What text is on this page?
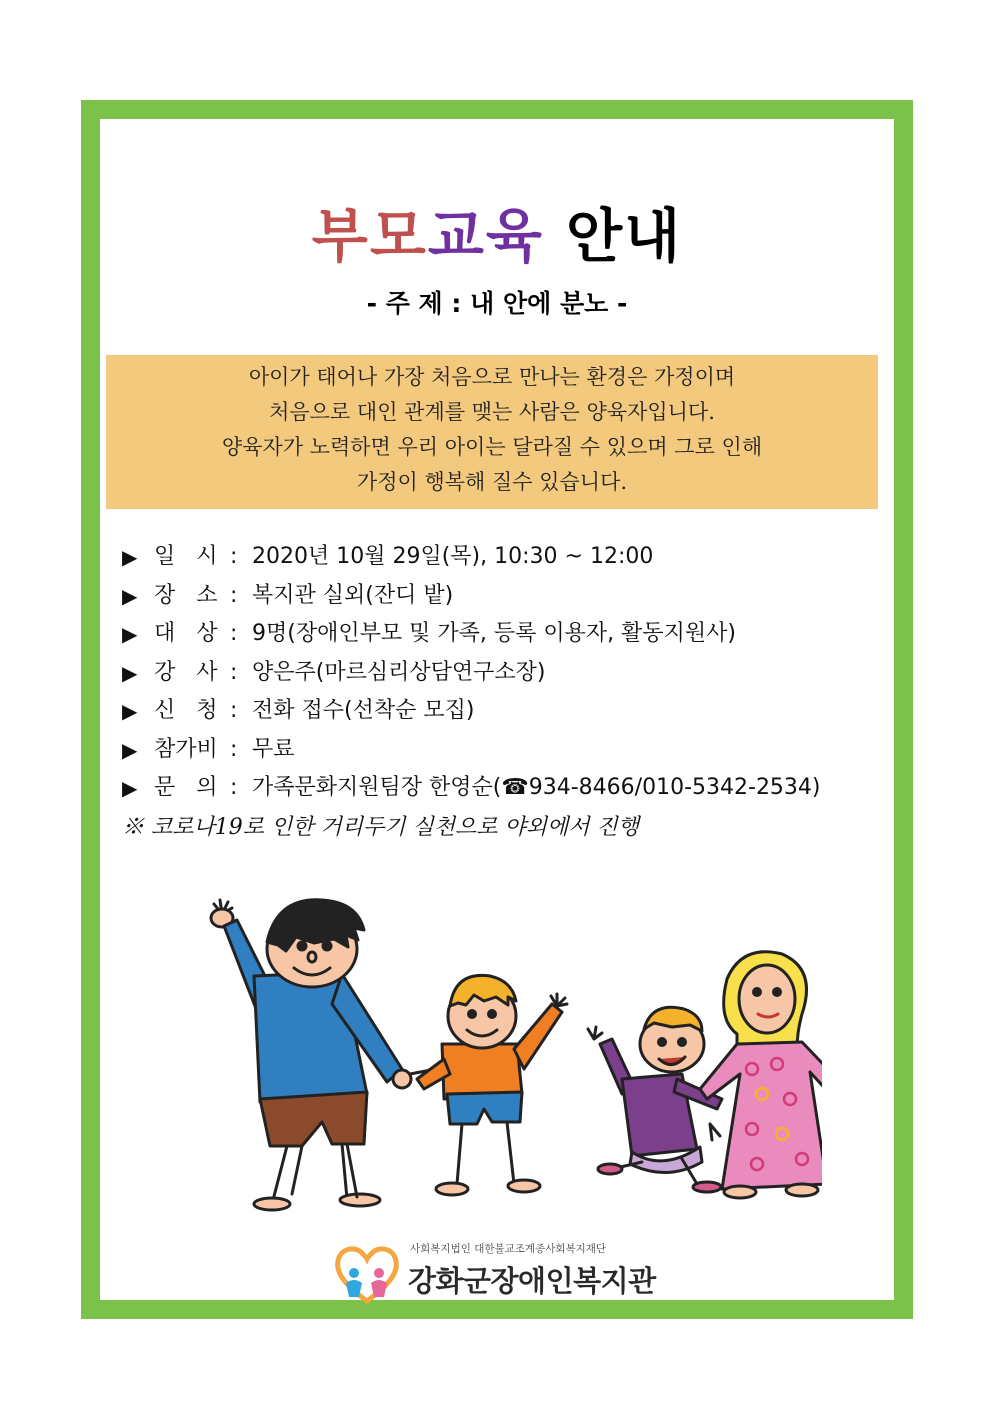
부모교육 안내
- 주 제 : 내 안에 분노 -
아이가 태어나 가장 처음으로 만나는 환경은 가정이며
처음으로 대인 관계를 맺는 사람은 양육자입니다.
양육자가 노력하면 우리 아이는 달라질 수 있으며 그로 인해
가정이 행복해 질수 있습니다.
▶ 일   시 : 2020년 10월 29일(목), 10:30 ~ 12:00
▶ 장   소 : 복지관 실외(잔디 밭)
▶ 대   상 : 9명(장애인부모 및 가족, 등록 이용자, 활동지원사)
▶ 강   사 : 양은주(마르심리상담연구소장)
▶ 신   청 : 전화 접수(선착순 모집)
▶ 참가비 : 무료
▶ 문   의 : 가족문화지원팀장 한영순(☎934-8466/010-5342-2534)
※ 코로나19로 인한 거리두기 실천으로 야외에서 진행
사회복지법인 대한불교조계종사회복지재단
강화군장애인복지관
